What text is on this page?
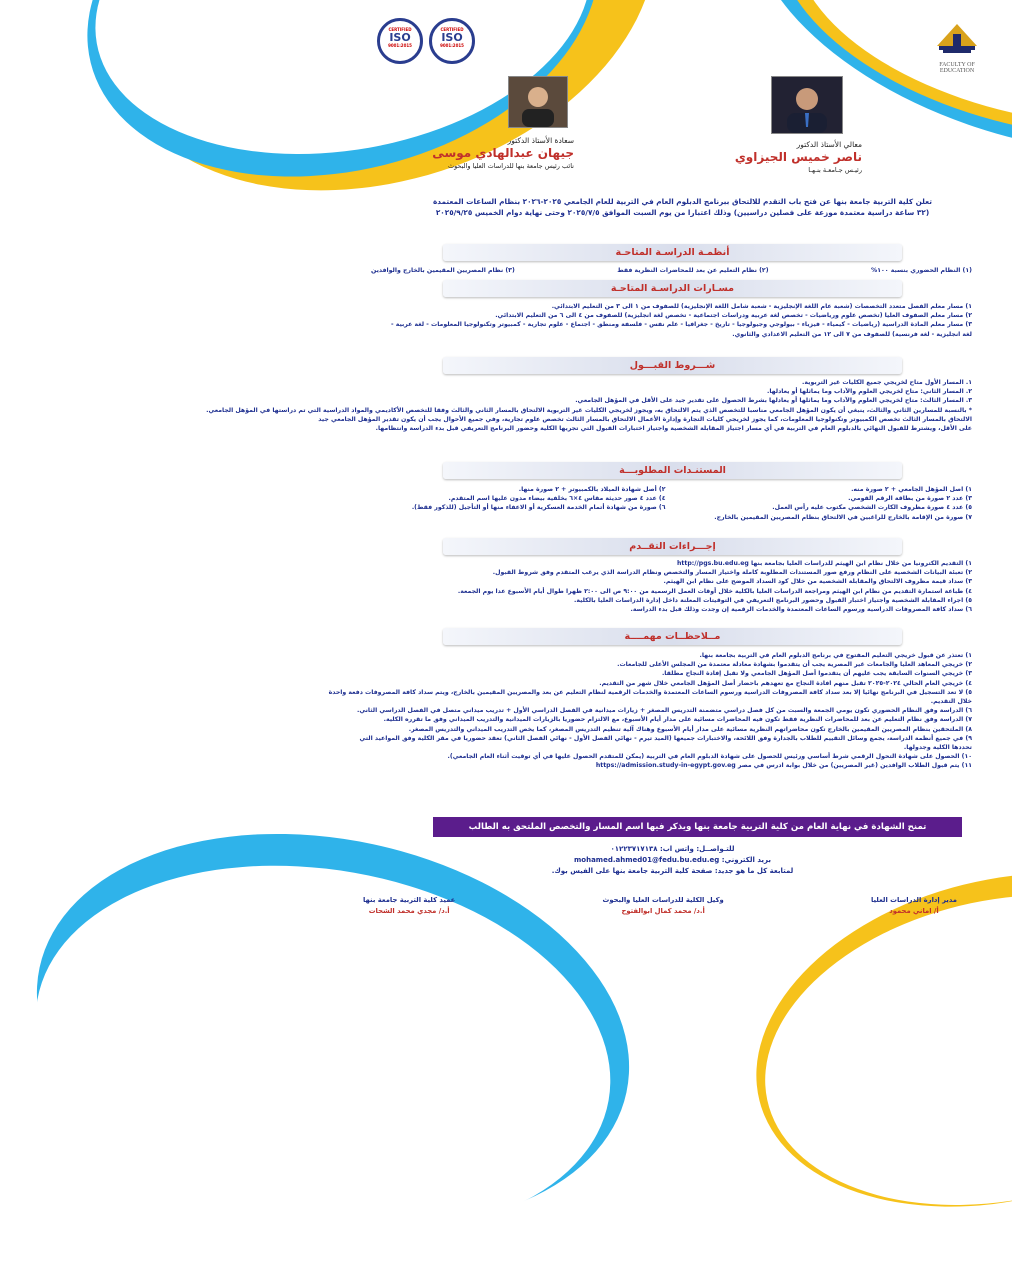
FACULTY OF EDUCATION
CERTIFIED
ISO
9001:2015
CERTIFIED
ISO
9001:2015
معالي الأستاذ الدكتور
ناصر خميس الجيزاوي
رئيـس جـامعـة بنـهـا
سعادة الأستاذ الدكتور
جيهان عبدالهادي موسى
نائب رئيس جامعة بنها للدراسات العليا والبحوث
تعلن كلية التربية جامعة بنها عن فتح باب التقدم للالتحاق ببرنامج الدبلوم العام في التربية للعام الجامعي ٢٠٢٥-٢٠٢٦ بنظام الساعات المعتمدة
(٣٢ ساعة دراسية معتمدة موزعة على فصلين دراسيين) وذلك اعتبارا من يوم السبت الموافق ٢٠٢٥/٧/٥ وحتى نهاية دوام الخميس ٢٠٢٥/٩/٢٥
أنظمـة الدراسـة المتاحـة
(١) النظام الحضوري بنسبة ١٠٠%
(٢) نظام التعليم عن بعد للمحاضرات النظرية فقط
(٣) نظام المصريين المقيمين بالخارج والوافدين
مسـارات الدراسـة المتاحـة
١) مسار معلم الفصل متعدد التخصصات (شعبة عام اللغة الإنجليزية - شعبة شامل اللغة الإنجليزية) للصفوف من ١ الى ٣ من التعليم الابتدائي.
٢) مسار معلم الصفوف العليا (تخصص علوم ورياضيات - تخصص لغة عربية ودراسات اجتماعية - تخصص لغة انجليزية) للصفوف من ٤ الى ٦ من التعليم الابتدائي.
٣) مسار معلم المادة الدراسية (رياضيات - كيمياء - فيزياء - بيولوجي وجيولوجيا - تاريخ - جغرافيا - علم نفس - فلسفة ومنطق - اجتماع - علوم تجارية - كمبيوتر وتكنولوجيا المعلومات - لغة عربية -
لغة انجليزية - لغة فرنسية) للصفوف من ٧ الى ١٢ من التعليم الاعدادي والثانوي.
شـــروط القبـــول
١. المسار الأول متاح لخريجي جميع الكليات غير التربوية.
٢. المسار الثاني: متاح لخريجي العلوم والآداب وما يماثلها أو يعادلها.
٣. المسار الثالث: متاح لخريجي العلوم والآداب وما يماثلها أو يعادلها بشرط الحصول على تقدير جيد على الأقل في المؤهل الجامعي.
* بالنسبة للمسارين الثاني والثالث، ينبغي أن يكون المؤهل الجامعي مناسبا للتخصص الذي يتم الالتحاق به، ويجوز لخريجي الكليات غير التربوية الالتحاق بالمسار الثاني والثالث وفقا للتخصص الأكاديمي والمواد الدراسية التي تم دراستها في المؤهل الجامعي.
الالتحاق بالمسار الثالث تخصص الكمبيوتر وتكنولوجيا المعلومات، كما يجوز لخريجي كليات التجارة وإدارة الأعمال الالتحاق بالمسار الثالث تخصص علوم تجارية، وفي جميع الأحوال يجب أن يكون تقدير المؤهل الجامعي جيد
على الأقل، ويشترط للقبول النهائي بالدبلوم العام في التربية في أي مسار اجتياز المقابلة الشخصية واجتياز اختبارات القبول التي تجريها الكلية وحضور البرنامج التعريفي قبل بدء الدراسة وانتظامها.
المستنـدات المطلوبـــة
١) اصل المؤهل الجامعي + ٢ صورة منه.
٣) عدد ٢ صورة من بطاقة الرقم القومي.
٥) عدد ٤ صورة مظروف الكارت الشخصي مكتوب عليه رأس العمل.
٧) صورة من الإقامة بالخارج للراغبين في الالتحاق بنظام المصريين المقيمين بالخارج.
٢) أصل شهادة الميلاد بالكمبيوتر + ٢ صورة منها.
٤) عدد ٤ صور حديثة مقاس ٤×٦ بخلفية بيضاء مدون عليها اسم المتقدم.
٦) صورة من شهادة أتمام الخدمة العسكرية أو الاعفاء منها أو التأجيل (للذكور فقط).
إجـــراءات التقــدم
١) التقديم الكترونيا من خلال نظام ابن الهيثم للدراسات العليا بجامعة بنها http://pgs.bu.edu.eg
٢) تعبئة البيانات الشخصية على النظام ورفع صور المستندات المطلوبة كاملة واختيار المسار والتخصص ونظام الدراسة الذي يرغب المتقدم وفق شروط القبول.
٣) سداد قيمة مظروف الالتحاق والمقابلة الشخصية من خلال كود السداد الموضح على نظام ابن الهيثم.
٤) طباعة استمارة التقديم من نظام ابن الهيثم ومراجعة الدراسات العليا بالكلية خلال أوقات العمل الرسمية من ٩:٠٠ ص الى ٢:٠٠ ظهرا طوال أيام الأسبوع عدا يوم الجمعة.
٥) اجراء المقابلة الشخصية واجتياز اختبار القبول وحضور البرنامج التعريفي في التوقيتات المعلنة داخل إدارة الدراسات العليا بالكلية.
٦) سداد كافة المصروفات الدراسية ورسوم الساعات المعتمدة والخدمات الرقمية إن وجدت وذلك قبل بدء الدراسة.
مــلاحظــات مهمــــة
١) تعتذر عن قبول خريجي التعليم المفتوح في برنامج الدبلوم العام في التربية بجامعة بنها.
٢) خريجي المعاهد العليا والجامعات غير المصرية يجب أن يتقدموا بشهادة معادلة معتمدة من المجلس الأعلى للجامعات.
٣) خريجي السنوات السابقة يجب عليهم أن يتقدموا أصل المؤهل الجامعي ولا تقبل إفادة النجاح مطلقا.
٤) خريجي العام الحالي ٢٠٢٤-٢٠٢٥ تقبل منهم افادة النجاح مع تعهدهم باحضار أصل المؤهل الجامعي خلال شهر من التقديم.
٥) لا تعد التسجيل في البرنامج نهائيا إلا بعد سداد كافة المصروفات الدراسية ورسوم الساعات المعتمدة والخدمات الرقمية لنظام التعليم عن بعد والمصريين المقيمين بالخارج، ويتم سداد كافة المصروفات دفعة واحدة
خلال التقديم.
٦) الدراسة وفق النظام الحضوري تكون يومي الجمعة والسبت من كل فصل دراسي متضمنة التدريس المصغر + زيارات ميدانية في الفصل الدراسي الأول + تدريب ميداني متصل في الفصل الدراسي الثاني.
٧) الدراسة وفق نظام التعليم عن بعد للمحاضرات النظرية فقط تكون فيه المحاضرات مسائية على مدار أيام الأسبوع، مع الالتزام حضوريا بالزيارات الميدانية والتدريب الميداني وفق ما تقرره الكلية.
٨) الملتحقين بنظام المصريين المقيمين بالخارج تكون محاضراتهم النظرية مسائية على مدار أيام الأسبوع وهناك آلية تنظيم التدريس المصغر، كما يخص التدريب الميداني والتدريس المصغر.
٩) في جميع أنظمة الدراسة، يجمع وسائل التقييم للطلاب بالجدارة وفق اللائحة، والاختبارات جميعها (الميد تيرم - نهائي الفصل الأول - نهائي الفصل الثاني) تعقد حضوريا في مقر الكلية وفق المواعيد التي
تحددها الكلية وجدولها.
١٠) الحصول على شهادة التحول الرقمي شرط أساسي ورئيس للحصول على شهادة الدبلوم العام في التربية (يمكن للمتقدم الحصول عليها في أي توقيت أثناء العام الجامعي).
١١) يتم قبول الطلاب الوافدين (غير المصريين) من خلال بوابة ادرس في مصر https://admission.study-in-egypt.gov.eg
تمنح الشهادة في نهاية العام من كلية التربية جامعة بنها ويذكر فيها اسم المسار والتخصص الملتحق به الطالب
للتـواصــل: واتس اب: ٠١٢٢٣٧١٧١٣٨
بريد الكتروني: mohamed.ahmed01@fedu.bu.edu.eg
لمتابعة كل ما هو جديد: صفحة كلية التربية جامعة بنها على الفيس بوك.
مدير إدارة الدراسات العليا
أ/ اماني محمود
وكيل الكلية للدراسات العليا والبحوث
أ.د/ محمد كمال ابوالفتوح
عميد كلية التربية جامعة بنها
أ.د/ مجدي محمد الشحات
